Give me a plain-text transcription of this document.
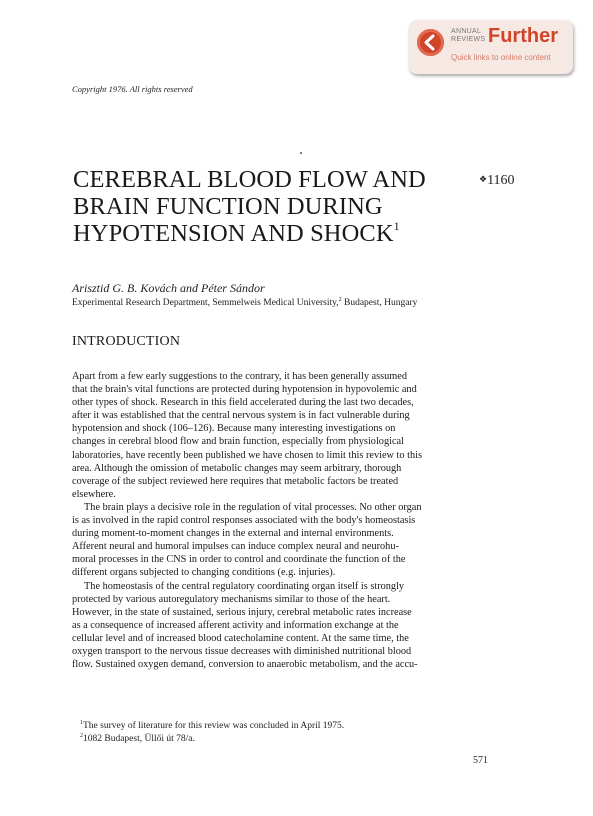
ANNUAL
REVIEWS Further
Quick links to online content
Copyright 1976. All rights reserved
CEREBRAL BLOOD FLOW AND
BRAIN FUNCTION DURING
HYPOTENSION AND SHOCK$^1$
❖1160
Arisztid G. B. Kovách and Péter Sándor
Experimental Research Department, Semmelweis Medical University,$^2$ Budapest, Hungary
INTRODUCTION
Apart from a few early suggestions to the contrary, it has been generally assumed
that the brain's vital functions are protected during hypotension in hypovolemic and
other types of shock. Research in this field accelerated during the last two decades,
after it was established that the central nervous system is in fact vulnerable during
hypotension and shock (106–126). Because many interesting investigations on
changes in cerebral blood flow and brain function, especially from physiological
laboratories, have recently been published we have chosen to limit this review to this
area. Although the omission of metabolic changes may seem arbitrary, thorough
coverage of the subject reviewed here requires that metabolic factors be treated
elsewhere.
The brain plays a decisive role in the regulation of vital processes. No other organ
is as involved in the rapid control responses associated with the body's homeostasis
during moment-to-moment changes in the external and internal environments.
Afferent neural and humoral impulses can induce complex neural and neurohu-
moral processes in the CNS in order to control and coordinate the function of the
different organs subjected to changing conditions (e.g. injuries).
The homeostasis of the central regulatory coordinating organ itself is strongly
protected by various autoregulatory mechanisms similar to those of the heart.
However, in the state of sustained, serious injury, cerebral metabolic rates increase
as a consequence of increased afferent activity and information exchange at the
cellular level and of increased blood catecholamine content. At the same time, the
oxygen transport to the nervous tissue decreases with diminished nutritional blood
flow. Sustained oxygen demand, conversion to anaerobic metabolism, and the accu-
$^1$The survey of literature for this review was concluded in April 1975.
$^2$1082 Budapest, Üllői út 78/a.
571
